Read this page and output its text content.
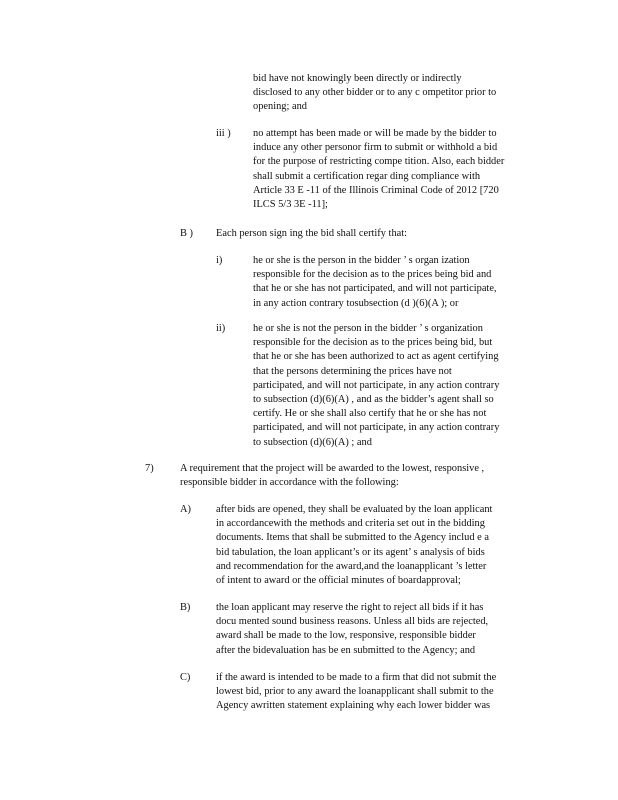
bid have not knowingly been directly or indirectly
disclosed to any other bidder or to any c ompetitor prior to
opening; and
iii ) no attempt has been made or will be made by the bidder to
induce any other personor firm to submit or withhold a bid
for the purpose of restricting compe tition. Also, each bidder
shall submit a certification regar ding compliance with
Article 33 E -11 of the Illinois Criminal Code of 2012 [720
ILCS 5/3 3E -11];
B ) Each person sign ing the bid shall certify that:
i)	he or she is the person in the bidder ’ s organ ization
responsible for the decision as to the prices being bid and
that he or she has not participated, and will not participate,
in any action contrary tosubsection (d )(6)(A ); or
ii)	he or she is not the person in the bidder ’ s organization
responsible for the decision as to the prices being bid, but
that he or she has been authorized to act as agent certifying
that the persons determining the prices have not
participated, and will not participate, in any action contrary
to subsection (d)(6)(A) , and as the bidder’s agent shall so
certify. He or she shall also certify that he or she has not
participated, and will not participate, in any action contrary
to subsection (d)(6)(A) ; and
7)	A requirement that the project will be awarded to the lowest, responsive ,
responsible bidder in accordance with the following:
A) after bids are opened, they shall be evaluated by the loan applicant
in accordancewith the methods and criteria set out in the bidding
documents. Items that shall be submitted to the Agency includ e a
bid tabulation, the loan applicant’s or its agent’ s analysis of bids
and recommendation for the award,and the loanapplicant ’s letter
of intent to award or the official minutes of boardapproval;
B) the loan applicant may reserve the right to reject all bids if it has
docu mented sound business reasons. Unless all bids are rejected,
award shall be made to the low, responsive, responsible bidder
after the bidevaluation has be en submitted to the Agency; and
C) if the award is intended to be made to a firm that did not submit the
lowest bid, prior to any award the loanapplicant shall submit to the
Agency awritten statement explaining why each lower bidder was
